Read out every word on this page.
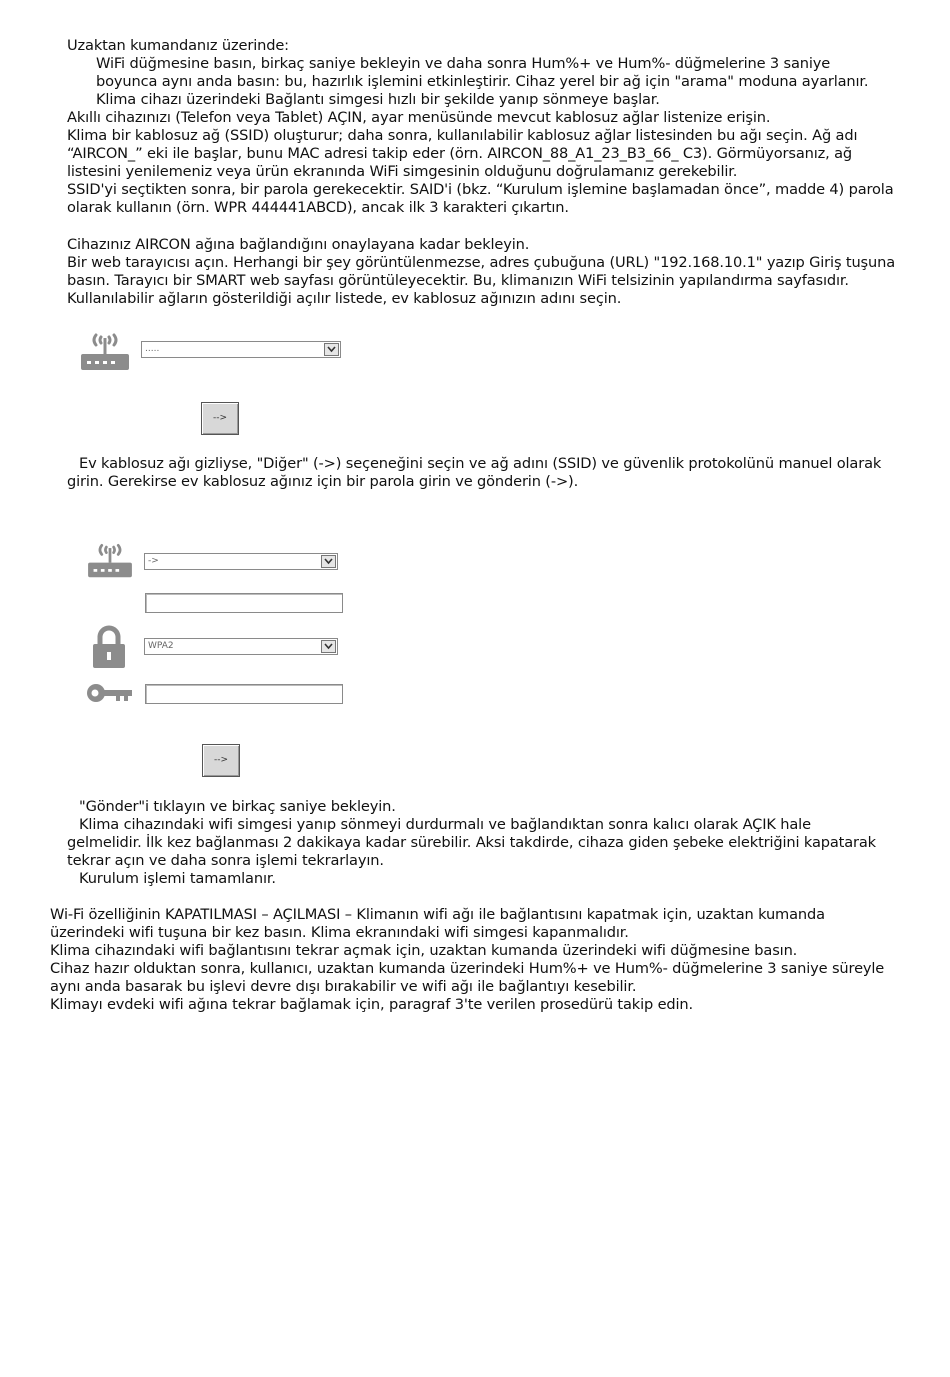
Uzaktan kumandanız üzerinde:
WiFi düğmesine basın, birkaç saniye bekleyin ve daha sonra Hum%+ ve Hum%- düğmelerine 3 saniye
boyunca aynı anda basın: bu, hazırlık işlemini etkinleştirir. Cihaz yerel bir ağ için "arama" moduna ayarlanır.
Klima cihazı üzerindeki Bağlantı simgesi hızlı bir şekilde yanıp sönmeye başlar.
Akıllı cihazınızı (Telefon veya Tablet) AÇIN, ayar menüsünde mevcut kablosuz ağlar listenize erişin.
Klima bir kablosuz ağ (SSID) oluşturur; daha sonra, kullanılabilir kablosuz ağlar listesinden bu ağı seçin. Ağ adı
“AIRCON_” eki ile başlar, bunu MAC adresi takip eder (örn. AIRCON_88_A1_23_B3_66_ C3). Görmüyorsanız, ağ
listesini yenilemeniz veya ürün ekranında WiFi simgesinin olduğunu doğrulamanız gerekebilir.
SSID'yi seçtikten sonra, bir parola gerekecektir. SAID'i (bkz. “Kurulum işlemine başlamadan önce”, madde 4) parola
olarak kullanın (örn. WPR 444441ABCD), ancak ilk 3 karakteri çıkartın.
Cihazınız AIRCON ağına bağlandığını onaylayana kadar bekleyin.
Bir web tarayıcısı açın. Herhangi bir şey görüntülenmezse, adres çubuğuna (URL) "192.168.10.1" yazıp Giriş tuşuna
basın. Tarayıcı bir SMART web sayfası görüntüleyecektir. Bu, klimanızın WiFi telsizinin yapılandırma sayfasıdır.
Kullanılabilir ağların gösterildiği açılır listede, ev kablosuz ağınızın adını seçin.
.....
-->
Ev kablosuz ağı gizliyse, "Diğer" (->) seçeneğini seçin ve ağ adını (SSID) ve güvenlik protokolünü manuel olarak
girin. Gerekirse ev kablosuz ağınız için bir parola girin ve gönderin (->).
->
WPA2
-->
"Gönder"i tıklayın ve birkaç saniye bekleyin.
Klima cihazındaki wifi simgesi yanıp sönmeyi durdurmalı ve bağlandıktan sonra kalıcı olarak AÇIK hale
gelmelidir. İlk kez bağlanması 2 dakikaya kadar sürebilir. Aksi takdirde, cihaza giden şebeke elektriğini kapatarak
tekrar açın ve daha sonra işlemi tekrarlayın.
Kurulum işlemi tamamlanır.
Wi-Fi özelliğinin KAPATILMASI – AÇILMASI – Klimanın wifi ağı ile bağlantısını kapatmak için, uzaktan kumanda
üzerindeki wifi tuşuna bir kez basın. Klima ekranındaki wifi simgesi kapanmalıdır.
Klima cihazındaki wifi bağlantısını tekrar açmak için, uzaktan kumanda üzerindeki wifi düğmesine basın.
Cihaz hazır olduktan sonra, kullanıcı, uzaktan kumanda üzerindeki Hum%+ ve Hum%- düğmelerine 3 saniye süreyle
aynı anda basarak bu işlevi devre dışı bırakabilir ve wifi ağı ile bağlantıyı kesebilir.
Klimayı evdeki wifi ağına tekrar bağlamak için, paragraf 3'te verilen prosedürü takip edin.
